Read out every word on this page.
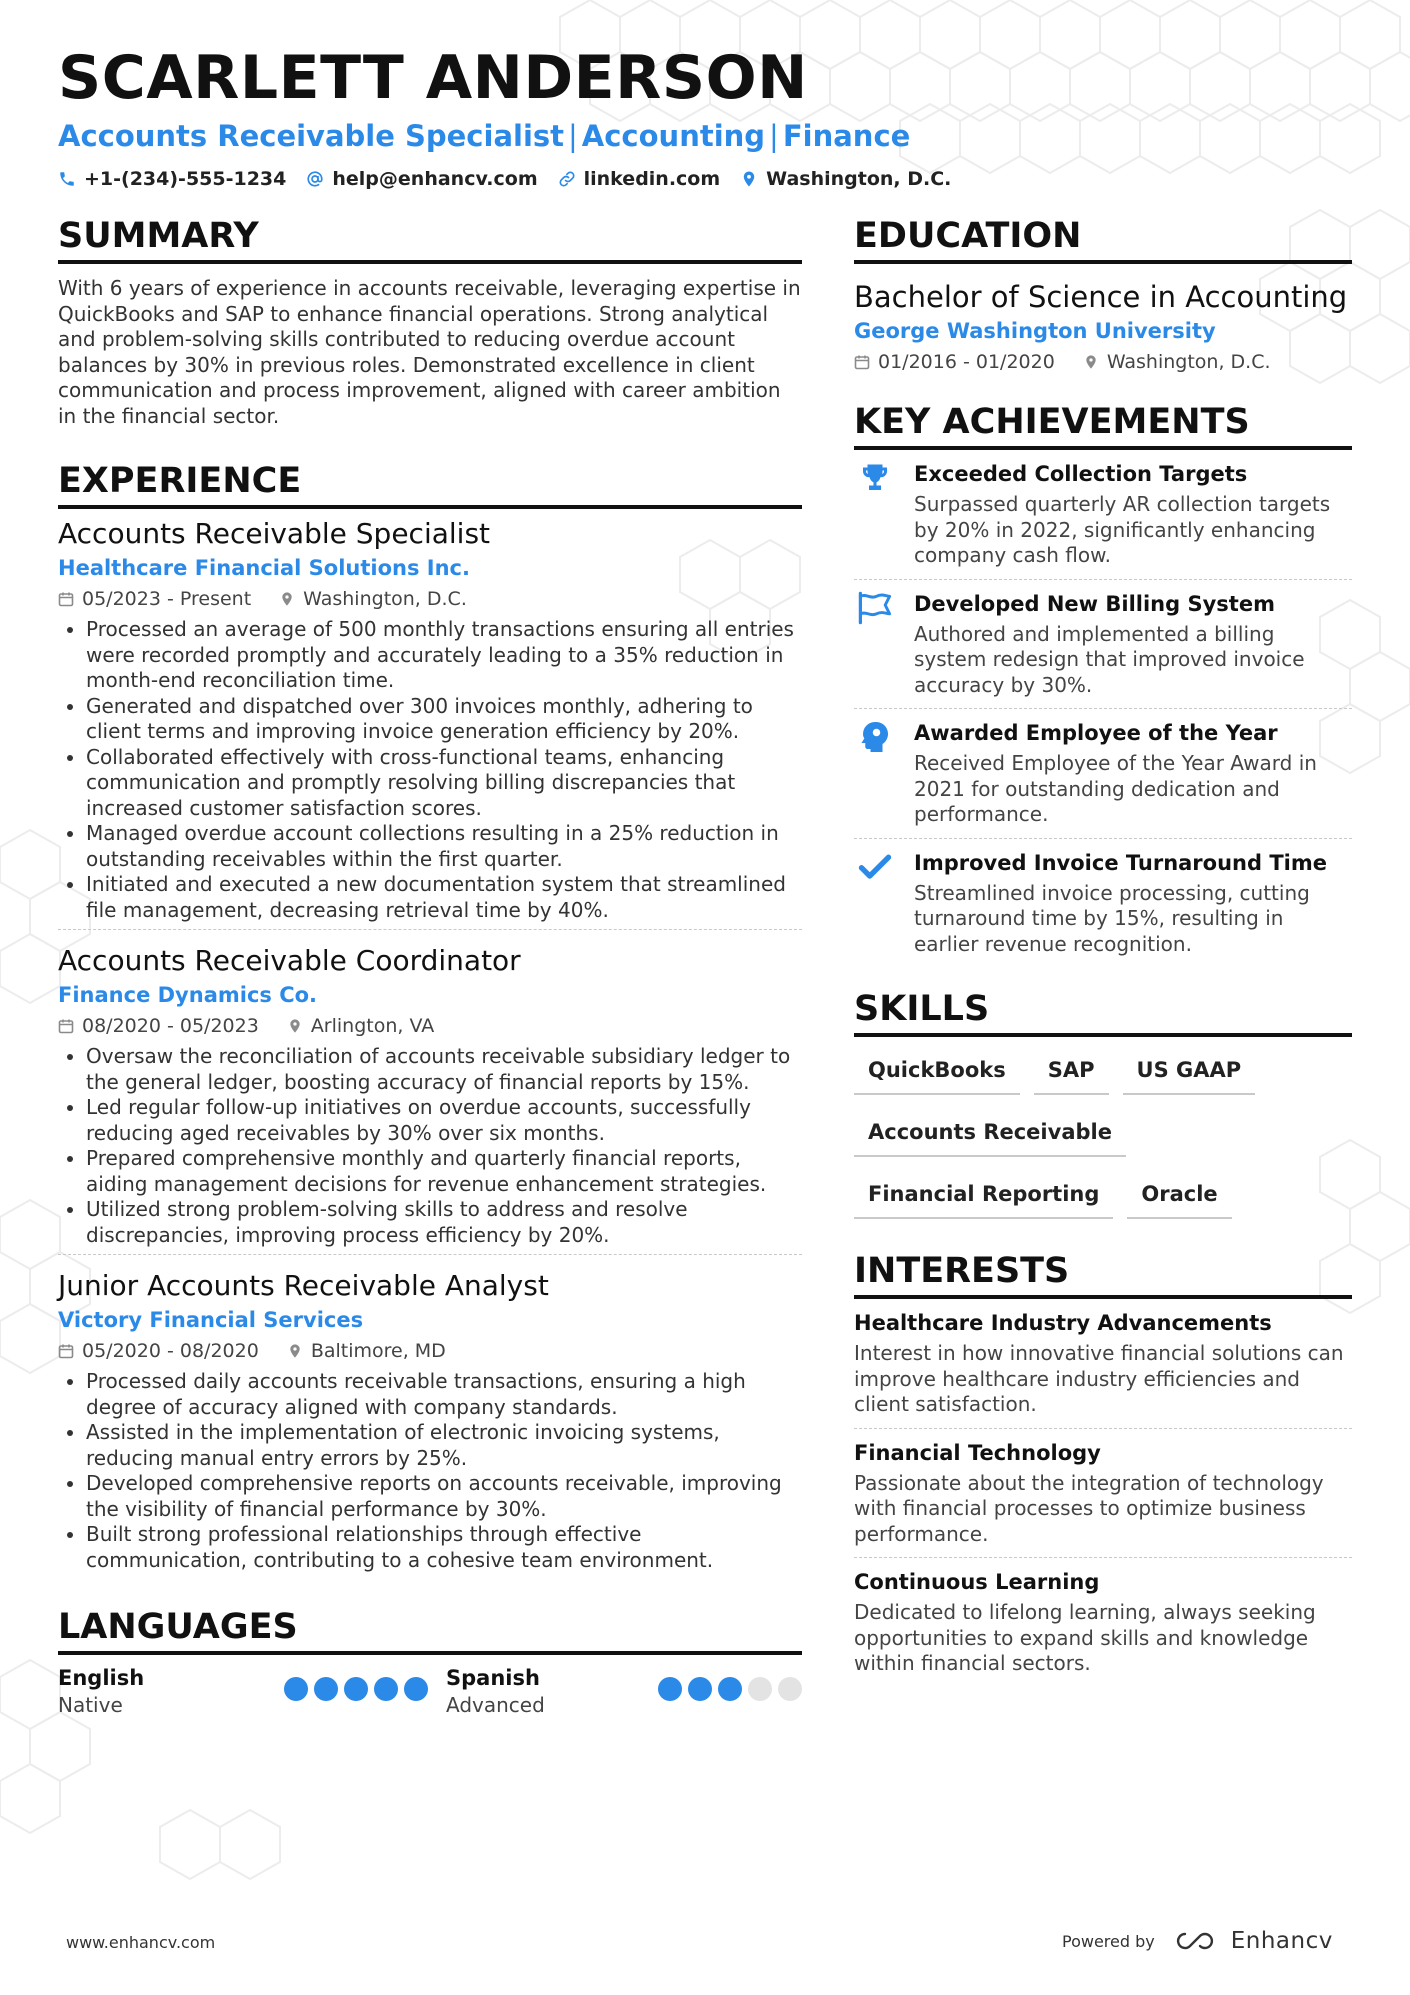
SCARLETT ANDERSON
Accounts Receivable Specialist | Accounting | Finance
+1-(234)-555-1234 help@enhancv.com linkedin.com Washington, D.C.
SUMMARY

With 6 years of experience in accounts receivable, leveraging expertise in QuickBooks and SAP to enhance financial operations. Strong analytical and problem-solving skills contributed to reducing overdue account balances by 30% in previous roles. Demonstrated excellence in client communication and process improvement, aligned with career ambition in the financial sector.

EXPERIENCE
Accounts Receivable Specialist
Healthcare Financial Solutions Inc.
05/2023 - Present	Washington, D.C.
• Processed an average of 500 monthly transactions ensuring all entries were recorded promptly and accurately leading to a 35% reduction in month-end reconciliation time.
• Generated and dispatched over 300 invoices monthly, adhering to client terms and improving invoice generation efficiency by 20%.
• Collaborated effectively with cross-functional teams, enhancing communication and promptly resolving billing discrepancies that increased customer satisfaction scores.
• Managed overdue account collections resulting in a 25% reduction in outstanding receivables within the first quarter.
• Initiated and executed a new documentation system that streamlined file management, decreasing retrieval time by 40%.
Accounts Receivable Coordinator
Finance Dynamics Co.
08/2020 - 05/2023	Arlington, VA
• Oversaw the reconciliation of accounts receivable subsidiary ledger to the general ledger, boosting accuracy of financial reports by 15%.
• Led regular follow-up initiatives on overdue accounts, successfully reducing aged receivables by 30% over six months.
• Prepared comprehensive monthly and quarterly financial reports, aiding management decisions for revenue enhancement strategies.
• Utilized strong problem-solving skills to address and resolve discrepancies, improving process efficiency by 20%.
Junior Accounts Receivable Analyst
Victory Financial Services
05/2020 - 08/2020	Baltimore, MD
• Processed daily accounts receivable transactions, ensuring a high degree of accuracy aligned with company standards.
• Assisted in the implementation of electronic invoicing systems, reducing manual entry errors by 25%.
• Developed comprehensive reports on accounts receivable, improving the visibility of financial performance by 30%.
• Built strong professional relationships through effective communication, contributing to a cohesive team environment.
LANGUAGES
English
Native
Spanish
Advanced
EDUCATION
Bachelor of Science in Accounting
George Washington University
01/2016 - 01/2020	Washington, D.C.
KEY ACHIEVEMENTS
Exceeded Collection Targets
Surpassed quarterly AR collection targets by 20% in 2022, significantly enhancing company cash flow.
Developed New Billing System
Authored and implemented a billing system redesign that improved invoice accuracy by 30%.
Awarded Employee of the Year
Received Employee of the Year Award in 2021 for outstanding dedication and performance.
Improved Invoice Turnaround Time
Streamlined invoice processing, cutting turnaround time by 15%, resulting in earlier revenue recognition.
SKILLS
QuickBooks	SAP	US GAAP
Accounts Receivable
Financial Reporting	Oracle
INTERESTS
Healthcare Industry Advancements
Interest in how innovative financial solutions can improve healthcare industry efficiencies and client satisfaction.
Financial Technology
Passionate about the integration of technology with financial processes to optimize business performance.
Continuous Learning
Dedicated to lifelong learning, always seeking opportunities to expand skills and knowledge within financial sectors.
www.enhancv.com	Powered by	Enhancv
